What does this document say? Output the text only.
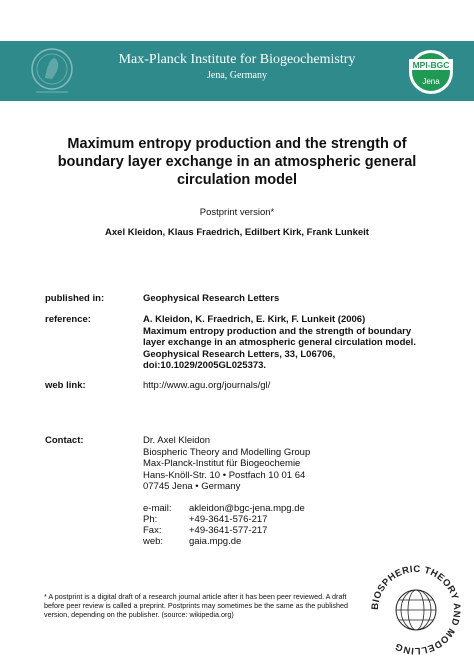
Max-Planck Institute for Biogeochemistry
Jena, Germany
MPI-BGC
Jena
Maximum entropy production and the strength of
boundary layer exchange in an atmospheric general
circulation model
Postprint version*
Axel Kleidon, Klaus Fraedrich, Edilbert Kirk, Frank Lunkeit
published in:	Geophysical Research Letters
reference:	A. Kleidon, K. Fraedrich, E. Kirk, F. Lunkeit (2006)
Maximum entropy production and the strength of boundary
layer exchange in an atmospheric general circulation model.
Geophysical Research Letters, 33, L06706,
doi:10.1029/2005GL025373.
web link:	http://www.agu.org/journals/gl/
Contact:	Dr. Axel Kleidon
Biospheric Theory and Modelling Group
Max-Planck-Institut für Biogeochemie
Hans-Knöll-Str. 10 • Postfach 10 01 64
07745 Jena • Germany
e-mail: akleidon@bgc-jena.mpg.de
Ph:	+49-3641-576-217
Fax:	+49-3641-577-217
web:	gaia.mpg.de
* A postprint is a digital draft of a research journal article after it has been peer reviewed. A draft before peer review is called a preprint. Postprints may sometimes be the same as the published version, depending on the publisher. (source: wikipedia.org)
BIOSPHERIC THEORY AND MODELLING
